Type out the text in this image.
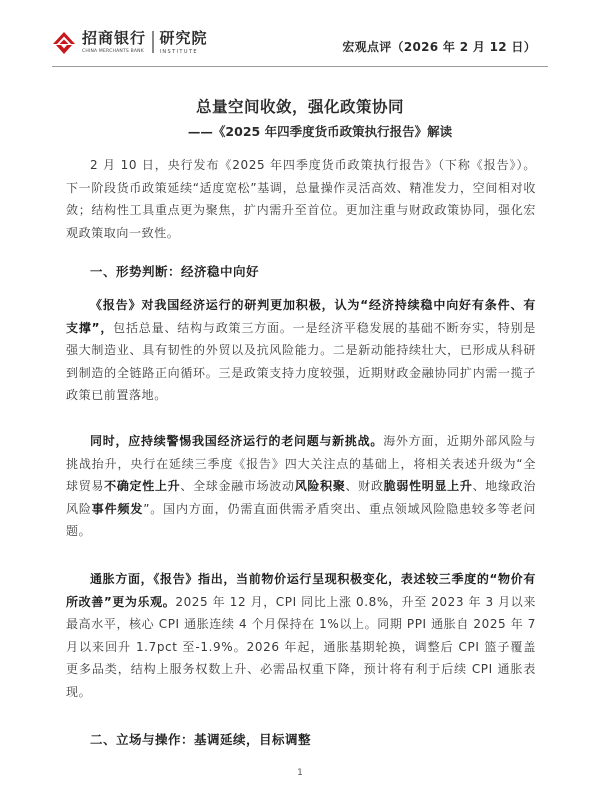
招商银行
CHINA MERCHANTS BANK
研究院
INSTITUTE	宏观点评（2026 年 2 月 12 日）
总量空间收敛，强化政策协同
——《2025 年四季度货币政策执行报告》解读

2 月 10 日，央行发布《2025 年四季度货币政策执行报告》（下称《报告》）。下一阶段货币政策延续“适度宽松”基调，总量操作灵活高效、精准发力，空间相对收敛；结构性工具重点更为聚焦，扩内需升至首位。更加注重与财政政策协同，强化宏观政策取向一致性。

一、形势判断：经济稳中向好

《报告》对我国经济运行的研判更加积极，认为“经济持续稳中向好有条件、有支撑”，包括总量、结构与政策三方面。一是经济平稳发展的基础不断夯实，特别是强大制造业、具有韧性的外贸以及抗风险能力。二是新动能持续壮大，已形成从科研到制造的全链路正向循环。三是政策支持力度较强，近期财政金融协同扩内需一揽子政策已前置落地。

同时，应持续警惕我国经济运行的老问题与新挑战。海外方面，近期外部风险与挑战抬升，央行在延续三季度《报告》四大关注点的基础上，将相关表述升级为“全球贸易不确定性上升、全球金融市场波动风险积聚、财政脆弱性明显上升、地缘政治风险事件频发”。国内方面，仍需直面供需矛盾突出、重点领域风险隐患较多等老问题。

通胀方面，《报告》指出，当前物价运行呈现积极变化，表述较三季度的“物价有所改善”更为乐观。2025 年 12 月，CPI 同比上涨 0.8%，升至 2023 年 3 月以来最高水平，核心 CPI 通胀连续 4 个月保持在 1%以上。同期 PPI 通胀自 2025 年 7 月以来回升 1.7pct 至-1.9%。2026 年起，通胀基期轮换，调整后 CPI 篮子覆盖更多品类，结构上服务权数上升、必需品权重下降，预计将有利于后续 CPI 通胀表现。

二、立场与操作：基调延续，目标调整
1
